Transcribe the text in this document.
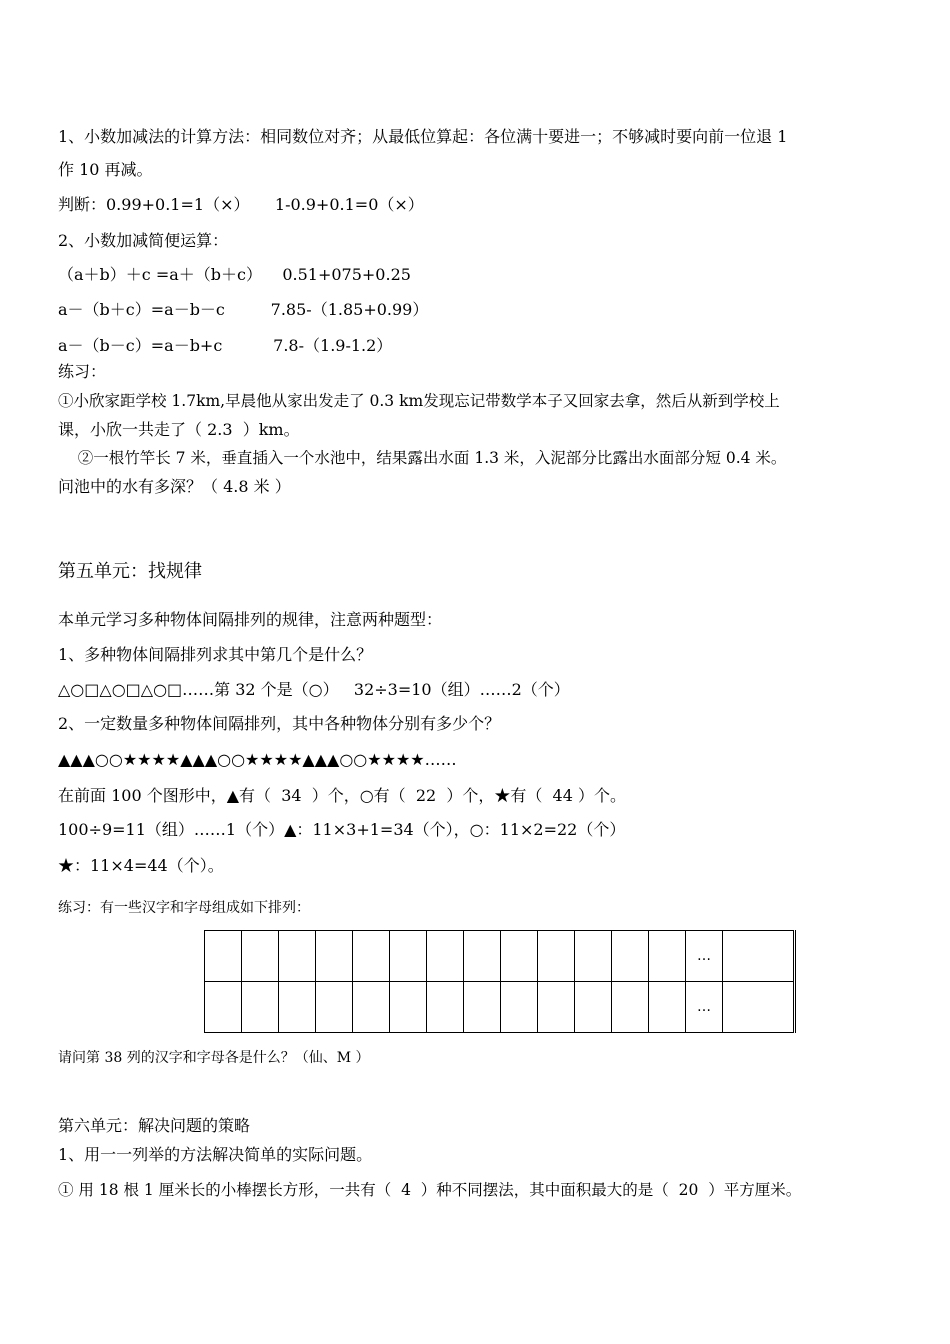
1、小数加减法的计算方法：相同数位对齐；从最低位算起：各位满十要进一；不够减时要向前一位退 1
作 10 再减。
判断：0.99+0.1=1（×）     1-0.9+0.1=0（×）
2、小数加减简便运算：
（a＋b）＋c =a＋（b＋c）    0.51+075+0.25
a－（b＋c）=a－b－c         7.85-（1.85+0.99）
a－（b－c）=a－b+c          7.8-（1.9-1.2）
练习：
①小欣家距学校 1.7km,早晨他从家出发走了 0.3 km发现忘记带数学本子又回家去拿，然后从新到学校上
课，小欣一共走了（ 2.3  ）km。
②一根竹竿长 7 米，垂直插入一个水池中，结果露出水面 1.3 米，入泥部分比露出水面部分短 0.4 米。
问池中的水有多深？（ 4.8 米 ）
第五单元：找规律
本单元学习多种物体间隔排列的规律，注意两种题型：
1、多种物体间隔排列求其中第几个是什么？
△○□△○□△○□……第 32 个是（○）   32÷3=10（组）……2（个）
2、一定数量多种物体间隔排列，其中各种物体分别有多少个？
▲▲▲○○★★★★▲▲▲○○★★★★▲▲▲○○★★★★……
在前面 100 个图形中，▲有（  34  ）个，○有（  22  ）个，★有（  44 ）个。
100÷9=11（组）……1（个）▲：11×3+1=34（个），○：11×2=22（个）
★：11×4=44（个）。
练习：有一些汉字和字母组成如下排列：
													…	
													…	
请问第 38 列的汉字和字母各是什么？（仙、M ）
第六单元：解决问题的策略
1、用一一列举的方法解决简单的实际问题。
① 用 18 根 1 厘米长的小棒摆长方形，一共有（  4  ）种不同摆法，其中面积最大的是（  20  ）平方厘米。
